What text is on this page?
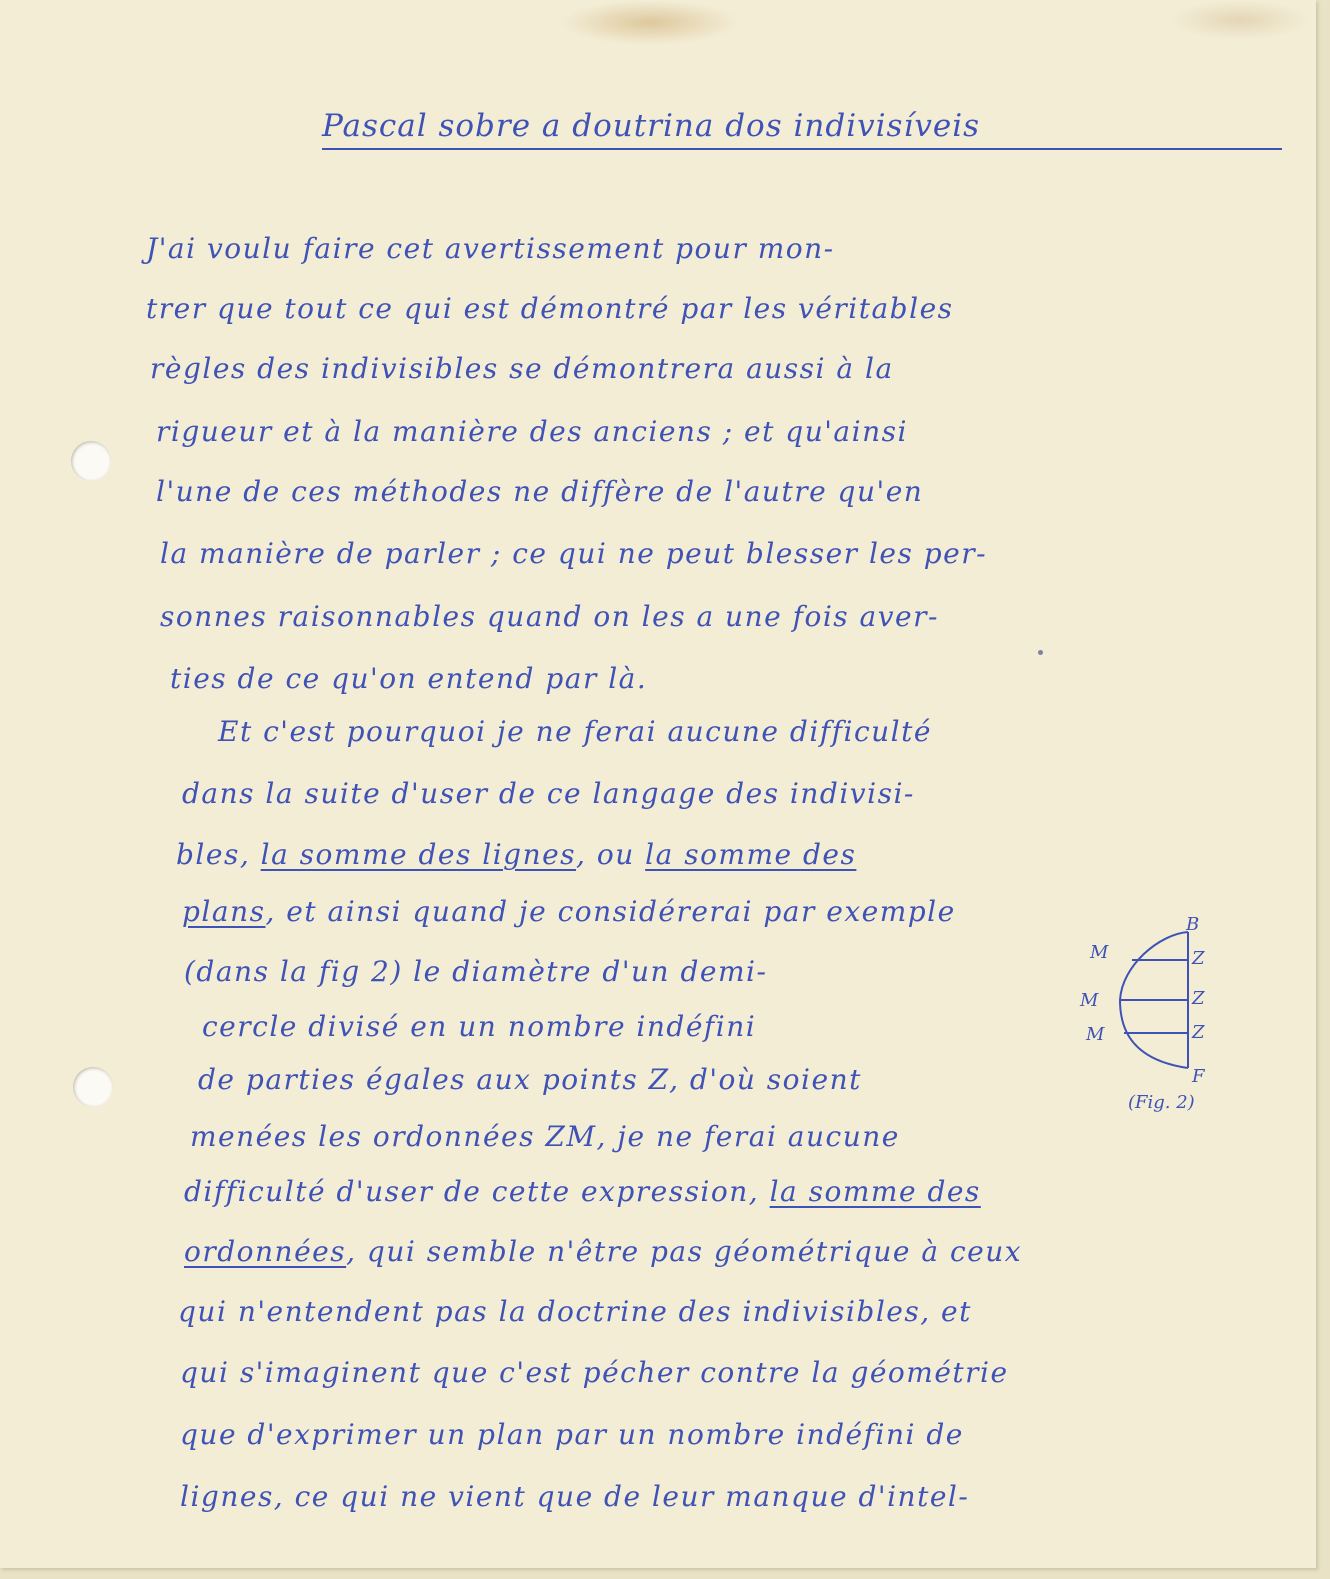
Pascal sobre a doutrina dos indivisíveis
J'ai voulu faire cet avertissement pour mon-
trer que tout ce qui est démontré par les véritables
règles des indivisibles se démontrera aussi à la
rigueur et à la manière des anciens ; et qu'ainsi
l'une de ces méthodes ne diffère de l'autre qu'en
la manière de parler ; ce qui ne peut blesser les per-
sonnes raisonnables quand on les a une fois aver-
ties de ce qu'on entend par là.
Et c'est pourquoi je ne ferai aucune difficulté
dans la suite d'user de ce langage des indivisi-
bles, la somme des lignes, ou la somme des
plans, et ainsi quand je considérerai par exemple
(dans la fig 2) le diamètre d'un demi-
cercle divisé en un nombre indéfini
de parties égales aux points Z, d'où soient
menées les ordonnées ZM, je ne ferai aucune
difficulté d'user de cette expression, la somme des
ordonnées, qui semble n'être pas géométrique à ceux
qui n'entendent pas la doctrine des indivisibles, et
qui s'imaginent que c'est pécher contre la géométrie
que d'exprimer un plan par un nombre indéfini de
lignes, ce qui ne vient que de leur manque d'intel-
B
M	Z
M	Z
M	Z
F
(Fig. 2)
